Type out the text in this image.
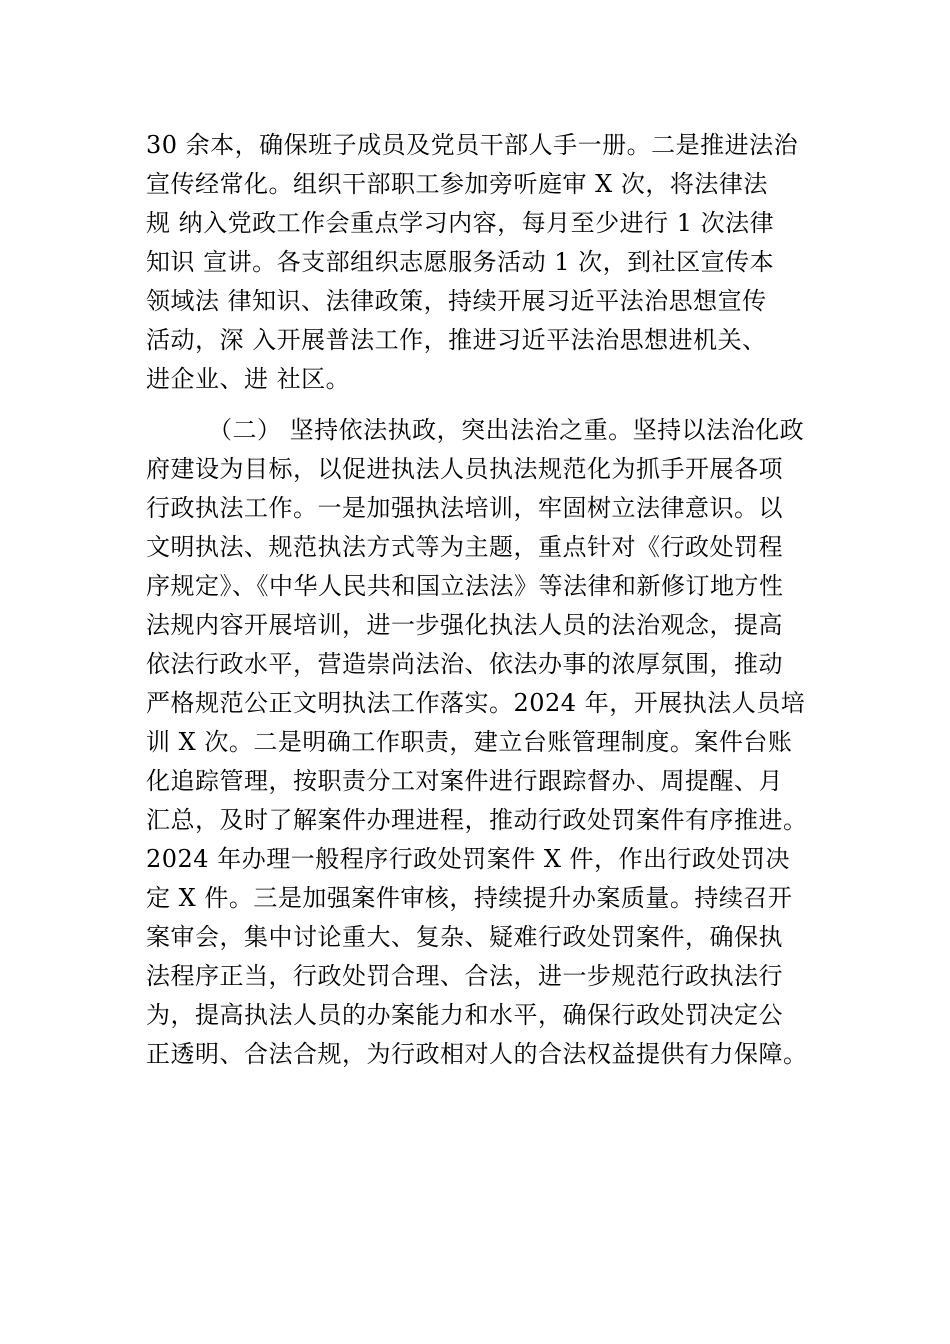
30 余本，确保班子成员及党员干部人手一册。二是推进法治
宣传经常化。组织干部职工参加旁听庭审 X 次，将法律法
规 纳入党政工作会重点学习内容，每月至少进行 1 次法律
知识 宣讲。各支部组织志愿服务活动 1 次，到社区宣传本
领域法 律知识、法律政策，持续开展习近平法治思想宣传
活动，深 入开展普法工作，推进习近平法治思想进机关、
进企业、进 社区。
（二） 坚持依法执政，突出法治之重。坚持以法治化政
府建设为目标，以促进执法人员执法规范化为抓手开展各项
行政执法工作。一是加强执法培训，牢固树立法律意识。以
文明执法、规范执法方式等为主题，重点针对《行政处罚程
序规定》、《中华人民共和国立法法》等法律和新修订地方性
法规内容开展培训，进一步强化执法人员的法治观念，提高
依法行政水平，营造崇尚法治、依法办事的浓厚氛围，推动
严格规范公正文明执法工作落实。2024 年，开展执法人员培
训 X 次。二是明确工作职责，建立台账管理制度。案件台账
化追踪管理，按职责分工对案件进行跟踪督办、周提醒、月
汇总，及时了解案件办理进程，推动行政处罚案件有序推进。
2024 年办理一般程序行政处罚案件 X 件，作出行政处罚决
定 X 件。三是加强案件审核，持续提升办案质量。持续召开
案审会，集中讨论重大、复杂、疑难行政处罚案件，确保执
法程序正当，行政处罚合理、合法，进一步规范行政执法行
为，提高执法人员的办案能力和水平，确保行政处罚决定公
正透明、合法合规，为行政相对人的合法权益提供有力保障。
